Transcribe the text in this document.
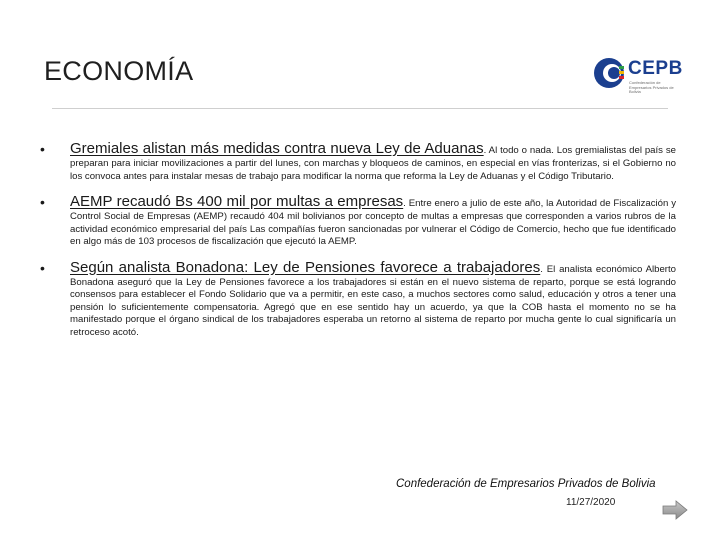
ECONOMÍA	CEPB
Confederación de Empresarios Privados de Bolivia
• Gremiales alistan más medidas contra nueva Ley de Aduanas. Al todo o nada. Los gremialistas del país se preparan para iniciar movilizaciones a partir del lunes, con marchas y bloqueos de caminos, en especial en vías fronterizas, si el Gobierno no los convoca antes para instalar mesas de trabajo para modificar la norma que reforma la Ley de Aduanas y el Código Tributario.
• AEMP recaudó Bs 400 mil por multas a empresas. Entre enero a julio de este año, la Autoridad de Fiscalización y Control Social de Empresas (AEMP) recaudó 404 mil bolivianos por concepto de multas a empresas que corresponden a varios rubros de la actividad económico empresarial del país Las compañías fueron sancionadas por vulnerar el Código de Comercio, hecho que fue identificado en algo más de 103 procesos de fiscalización que ejecutó la AEMP.
• Según analista Bonadona: Ley de Pensiones favorece a trabajadores. El analista económico Alberto Bonadona aseguró que la Ley de Pensiones favorece a los trabajadores si están en el nuevo sistema de reparto, porque se está logrando consensos para establecer el Fondo Solidario que va a permitir, en este caso, a muchos sectores como salud, educación y otros a tener una pensión lo suficientemente compensatoria. Agregó que en ese sentido hay un acuerdo, ya que la COB hasta el momento no se ha manifestado porque el órgano sindical de los trabajadores esperaba un retorno al sistema de reparto por mucha gente lo cual significaría un retroceso acotó.
Confederación de Empresarios Privados de Bolivia
11/27/2020
